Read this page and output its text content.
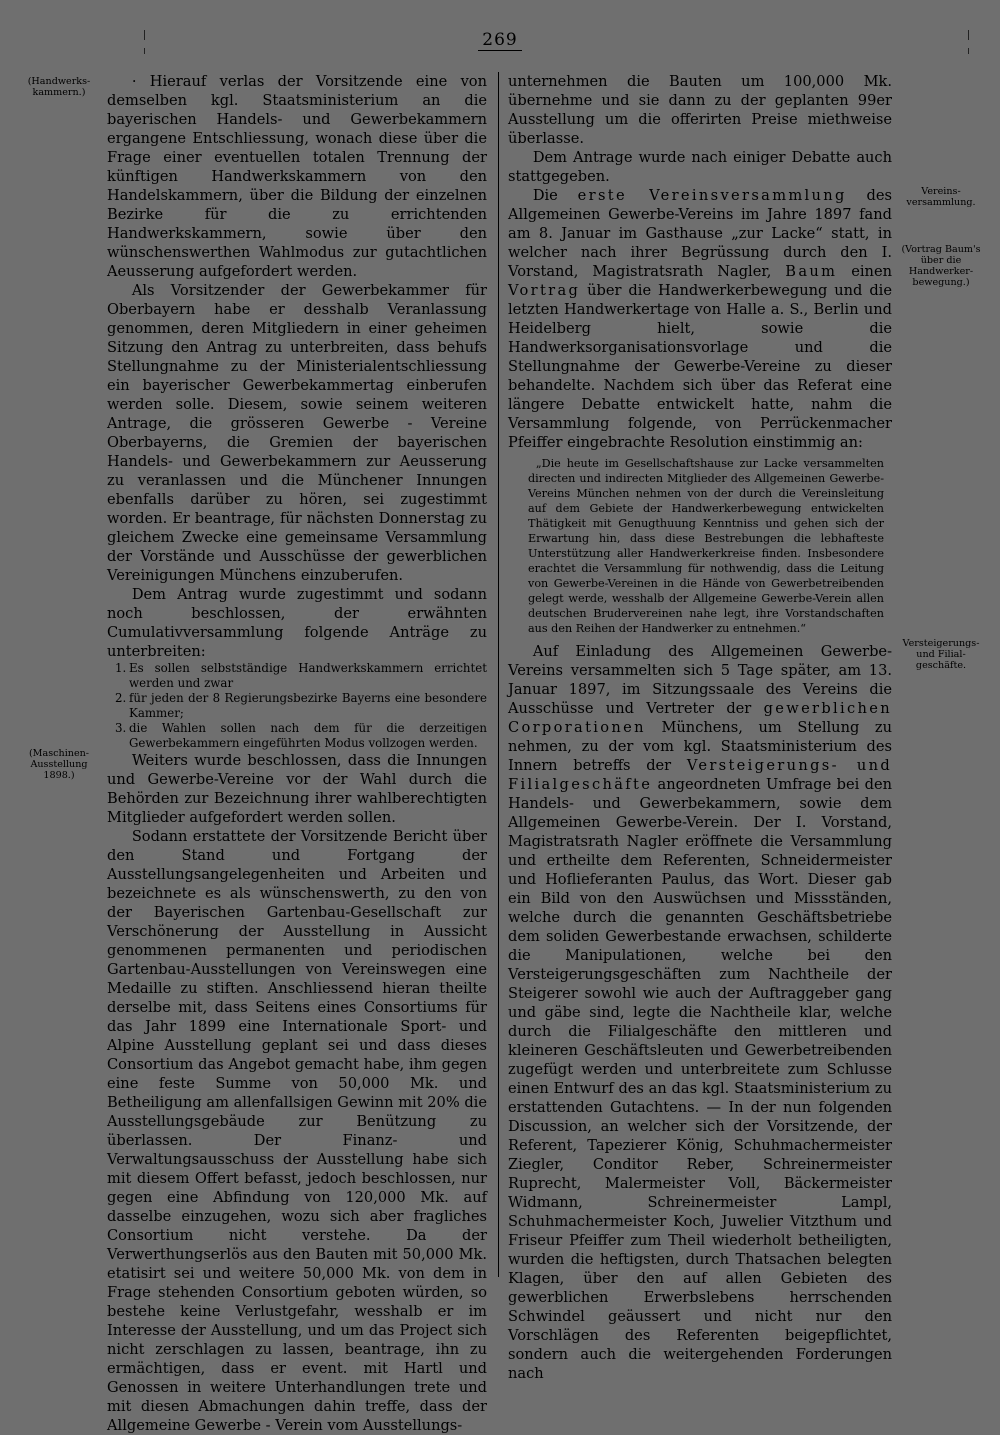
269
(Handwerks-kammern.)
(Maschinen-Ausstellung 1898.)
Vereins-versammlung.
(Vortrag Baum's über die Handwerker-bewegung.)
Versteigerungs- und Filial-geschäfte.

· Hierauf verlas der Vorsitzende eine von demselben kgl. Staatsministerium an die bayerischen Handels- und Gewerbekammern ergangene Entschliessung, wonach diese über die Frage einer eventuellen totalen Trennung der künftigen Handwerkskammern von den Handelskammern, über die Bildung der einzelnen Bezirke für die zu errichtenden Handwerkskammern, sowie über den wünschenswerthen Wahlmodus zur gutachtlichen Aeusserung aufgefordert werden.

Als Vorsitzender der Gewerbekammer für Oberbayern habe er desshalb Veranlassung genommen, deren Mitgliedern in einer geheimen Sitzung den Antrag zu unterbreiten, dass behufs Stellungnahme zu der Ministerialentschliessung ein bayerischer Gewerbekammertag einberufen werden solle. Diesem, sowie seinem weiteren Antrage, die grösseren Gewerbe - Vereine Oberbayerns, die Gremien der bayerischen Handels- und Gewerbekammern zur Aeusserung zu veranlassen und die Münchener Innungen ebenfalls darüber zu hören, sei zugestimmt worden. Er beantrage, für nächsten Donnerstag zu gleichem Zwecke eine gemeinsame Versammlung der Vorstände und Ausschüsse der gewerblichen Vereinigungen Münchens einzuberufen.

Dem Antrag wurde zugestimmt und sodann noch beschlossen, der erwähnten Cumulativversammlung folgende Anträge zu unterbreiten:

1. Es sollen selbstständige Handwerkskammern errichtet werden und zwar
2. für jeden der 8 Regierungsbezirke Bayerns eine besondere Kammer;
3. die Wahlen sollen nach dem für die derzeitigen Gewerbekammern eingeführten Modus vollzogen werden.

Weiters wurde beschlossen, dass die Innungen und Gewerbe-Vereine vor der Wahl durch die Behörden zur Bezeichnung ihrer wahlberechtigten Mitglieder aufgefordert werden sollen.

Sodann erstattete der Vorsitzende Bericht über den Stand und Fortgang der Ausstellungsangelegenheiten und Arbeiten und bezeichnete es als wünschenswerth, zu den von der Bayerischen Gartenbau-Gesellschaft zur Verschönerung der Ausstellung in Aussicht genommenen permanenten und periodischen Gartenbau-Ausstellungen von Vereinswegen eine Medaille zu stiften. Anschliessend hieran theilte derselbe mit, dass Seitens eines Consortiums für das Jahr 1899 eine Internationale Sport- und Alpine Ausstellung geplant sei und dass dieses Consortium das Angebot gemacht habe, ihm gegen eine feste Summe von 50,000 Mk. und Betheiligung am allenfallsigen Gewinn mit 20% die Ausstellungsgebäude zur Benützung zu überlassen. Der Finanz- und Verwaltungsausschuss der Ausstellung habe sich mit diesem Offert befasst, jedoch beschlossen, nur gegen eine Abfindung von 120,000 Mk. auf dasselbe einzugehen, wozu sich aber fragliches Consortium nicht verstehe. Da der Verwerthungserlös aus den Bauten mit 50,000 Mk. etatisirt sei und weitere 50,000 Mk. von dem in Frage stehenden Consortium geboten würden, so bestehe keine Verlustgefahr, wesshalb er im Interesse der Ausstellung, und um das Project sich nicht zerschlagen zu lassen, beantrage, ihn zu ermächtigen, dass er event. mit Hartl und Genossen in weitere Unterhandlungen trete und mit diesen Abmachungen dahin treffe, dass der Allgemeine Gewerbe - Verein vom Ausstellungs-

unternehmen die Bauten um 100,000 Mk. übernehme und sie dann zu der geplanten 99er Ausstellung um die offerirten Preise miethweise überlasse.

Dem Antrage wurde nach einiger Debatte auch stattgegeben.

Die erste Vereinsversammlung des Allgemeinen Gewerbe-Vereins im Jahre 1897 fand am 8. Januar im Gasthause „zur Lacke“ statt, in welcher nach ihrer Begrüssung durch den I. Vorstand, Magistratsrath Nagler, Baum einen Vortrag über die Handwerkerbewegung und die letzten Handwerkertage von Halle a. S., Berlin und Heidelberg hielt, sowie die Handwerksorganisationsvorlage und die Stellungnahme der Gewerbe-Vereine zu dieser behandelte. Nachdem sich über das Referat eine längere Debatte entwickelt hatte, nahm die Versammlung folgende, von Perrückenmacher Pfeiffer eingebrachte Resolution einstimmig an:

„Die heute im Gesellschaftshause zur Lacke versammelten directen und indirecten Mitglieder des Allgemeinen Gewerbe-Vereins München nehmen von der durch die Vereinsleitung auf dem Gebiete der Handwerkerbewegung entwickelten Thätigkeit mit Genugthuung Kenntniss und gehen sich der Erwartung hin, dass diese Bestrebungen die lebhafteste Unterstützung aller Handwerkerkreise finden. Insbesondere erachtet die Versammlung für nothwendig, dass die Leitung von Gewerbe-Vereinen in die Hände von Gewerbetreibenden gelegt werde, wesshalb der Allgemeine Gewerbe-Verein allen deutschen Brudervereinen nahe legt, ihre Vorstandschaften aus den Reihen der Handwerker zu entnehmen.“

Auf Einladung des Allgemeinen Gewerbe-Vereins versammelten sich 5 Tage später, am 13. Januar 1897, im Sitzungssaale des Vereins die Ausschüsse und Vertreter der gewerblichen Corporationen Münchens, um Stellung zu nehmen, zu der vom kgl. Staatsministerium des Innern betreffs der Versteigerungs- und Filialgeschäfte angeordneten Umfrage bei den Handels- und Gewerbekammern, sowie dem Allgemeinen Gewerbe-Verein. Der I. Vorstand, Magistratsrath Nagler eröffnete die Versammlung und ertheilte dem Referenten, Schneidermeister und Hoflieferanten Paulus, das Wort. Dieser gab ein Bild von den Auswüchsen und Missständen, welche durch die genannten Geschäftsbetriebe dem soliden Gewerbestande erwachsen, schilderte die Manipulationen, welche bei den Versteigerungsgeschäften zum Nachtheile der Steigerer sowohl wie auch der Auftraggeber gang und gäbe sind, legte die Nachtheile klar, welche durch die Filialgeschäfte den mittleren und kleineren Geschäftsleuten und Gewerbetreibenden zugefügt werden und unterbreitete zum Schlusse einen Entwurf des an das kgl. Staatsministerium zu erstattenden Gutachtens. — In der nun folgenden Discussion, an welcher sich der Vorsitzende, der Referent, Tapezierer König, Schuhmachermeister Ziegler, Conditor Reber, Schreinermeister Ruprecht, Malermeister Voll, Bäckermeister Widmann, Schreinermeister Lampl, Schuhmachermeister Koch, Juwelier Vitzthum und Friseur Pfeiffer zum Theil wiederholt betheiligten, wurden die heftigsten, durch Thatsachen belegten Klagen, über den auf allen Gebieten des gewerblichen Erwerbslebens herrschenden Schwindel geäussert und nicht nur den Vorschlägen des Referenten beigepflichtet, sondern auch die weitergehenden Forderungen nach
